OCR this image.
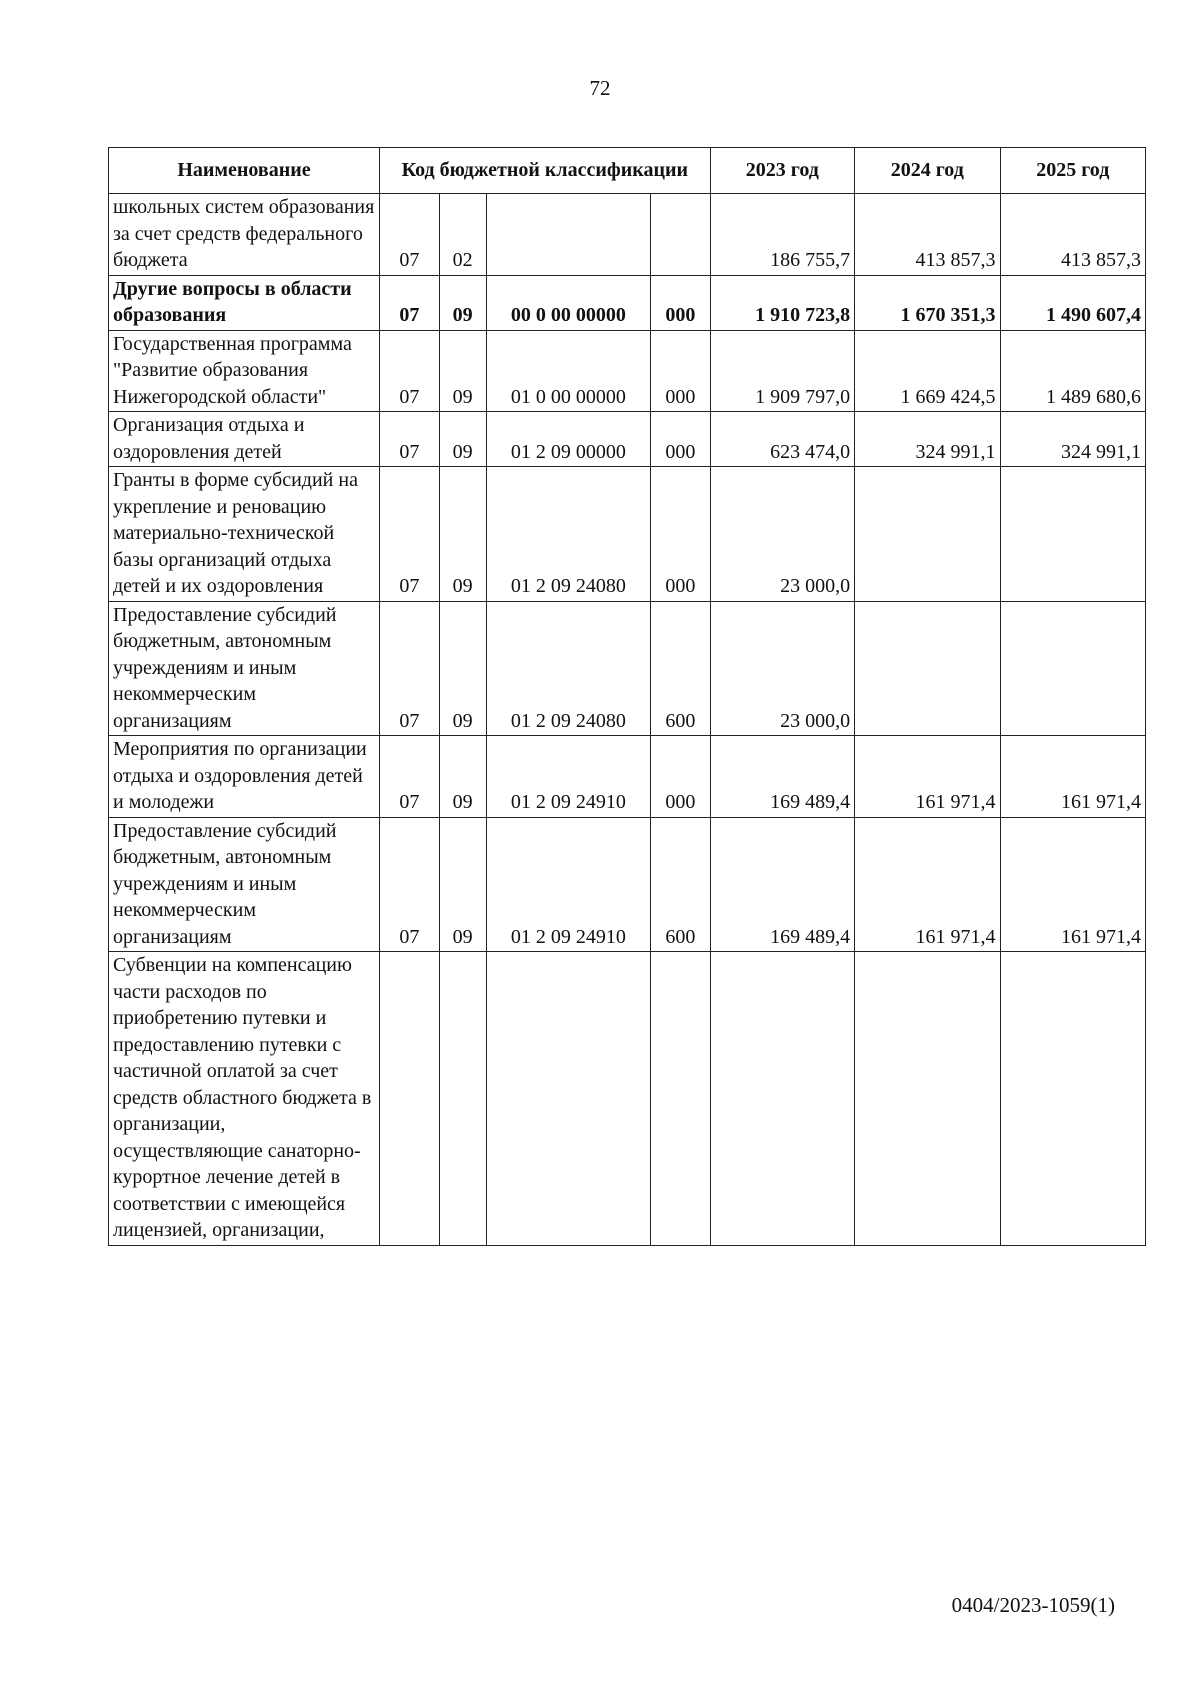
72
Наименование	Код бюджетной классификации				2023 год	2024 год	2025 год
школьных систем образования за счет средств федерального бюджета	07	02			186 755,7	413 857,3	413 857,3
Другие вопросы в области образования	07	09	00 0 00 00000	000	1 910 723,8	1 670 351,3	1 490 607,4
Государственная программа "Развитие образования Нижегородской области"	07	09	01 0 00 00000	000	1 909 797,0	1 669 424,5	1 489 680,6
Организация отдыха и оздоровления детей	07	09	01 2 09 00000	000	623 474,0	324 991,1	324 991,1
Гранты в форме субсидий на укрепление и реновацию материально-технической базы организаций отдыха детей и их оздоровления	07	09	01 2 09 24080	000	23 000,0		
Предоставление субсидий бюджетным, автономным учреждениям и иным некоммерческим организациям	07	09	01 2 09 24080	600	23 000,0		
Мероприятия по организации отдыха и оздоровления детей и молодежи	07	09	01 2 09 24910	000	169 489,4	161 971,4	161 971,4
Предоставление субсидий бюджетным, автономным учреждениям и иным некоммерческим организациям	07	09	01 2 09 24910	600	169 489,4	161 971,4	161 971,4
Субвенции на компенсацию части расходов по приобретению путевки и предоставлению путевки с частичной оплатой за счет средств областного бюджета в организации, осуществляющие санаторно-курортное лечение детей в соответствии с имеющейся лицензией, организации,							
0404/2023-1059(1)
